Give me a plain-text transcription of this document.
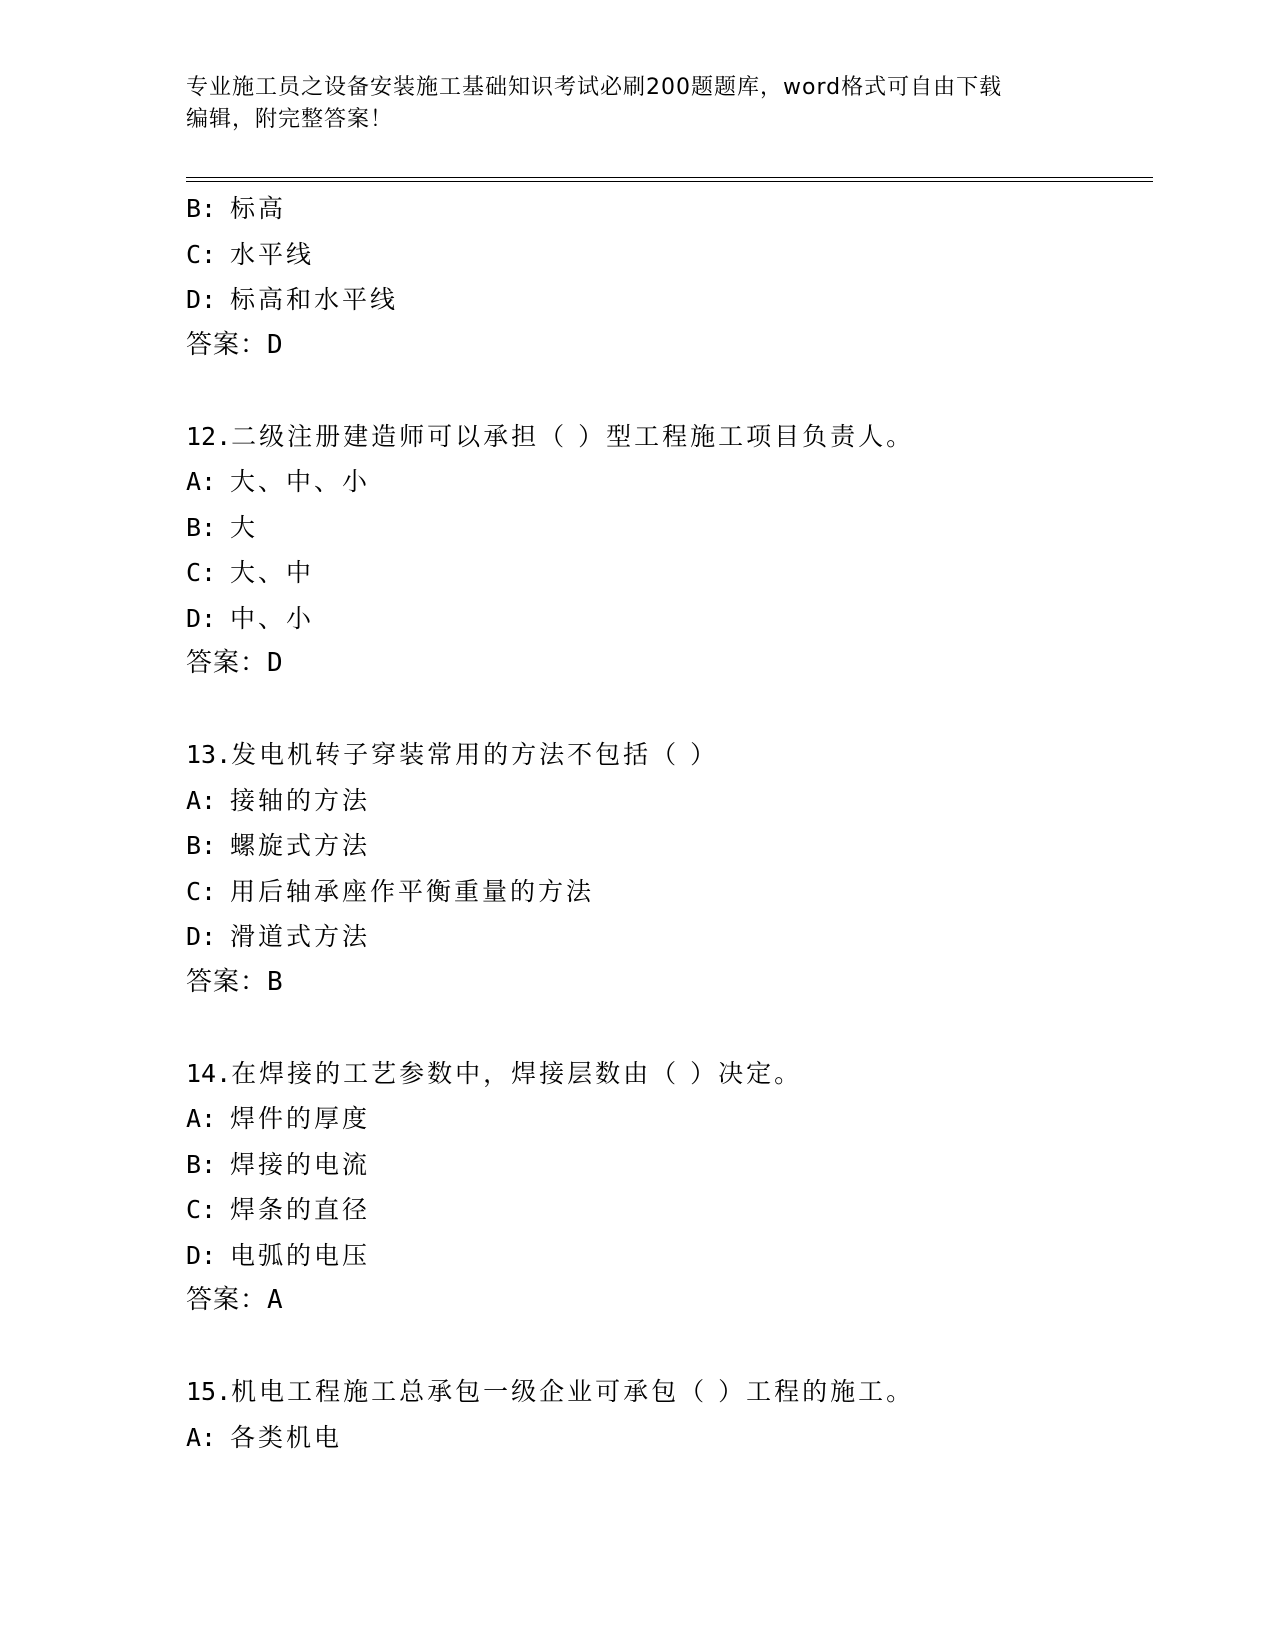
专业施工员之设备安装施工基础知识考试必刷200题题库，word格式可自由下载
编辑，附完整答案！
B: 标高
C: 水平线
D: 标高和水平线
答案：D
12.二级注册建造师可以承担（ ）型工程施工项目负责人。
A: 大、中、小
B: 大
C: 大、中
D: 中、小
答案：D
13.发电机转子穿装常用的方法不包括（ ）
A: 接轴的方法
B: 螺旋式方法
C: 用后轴承座作平衡重量的方法
D: 滑道式方法
答案：B
14.在焊接的工艺参数中，焊接层数由（ ）决定。
A: 焊件的厚度
B: 焊接的电流
C: 焊条的直径
D: 电弧的电压
答案：A
15.机电工程施工总承包一级企业可承包（ ）工程的施工。
A: 各类机电
